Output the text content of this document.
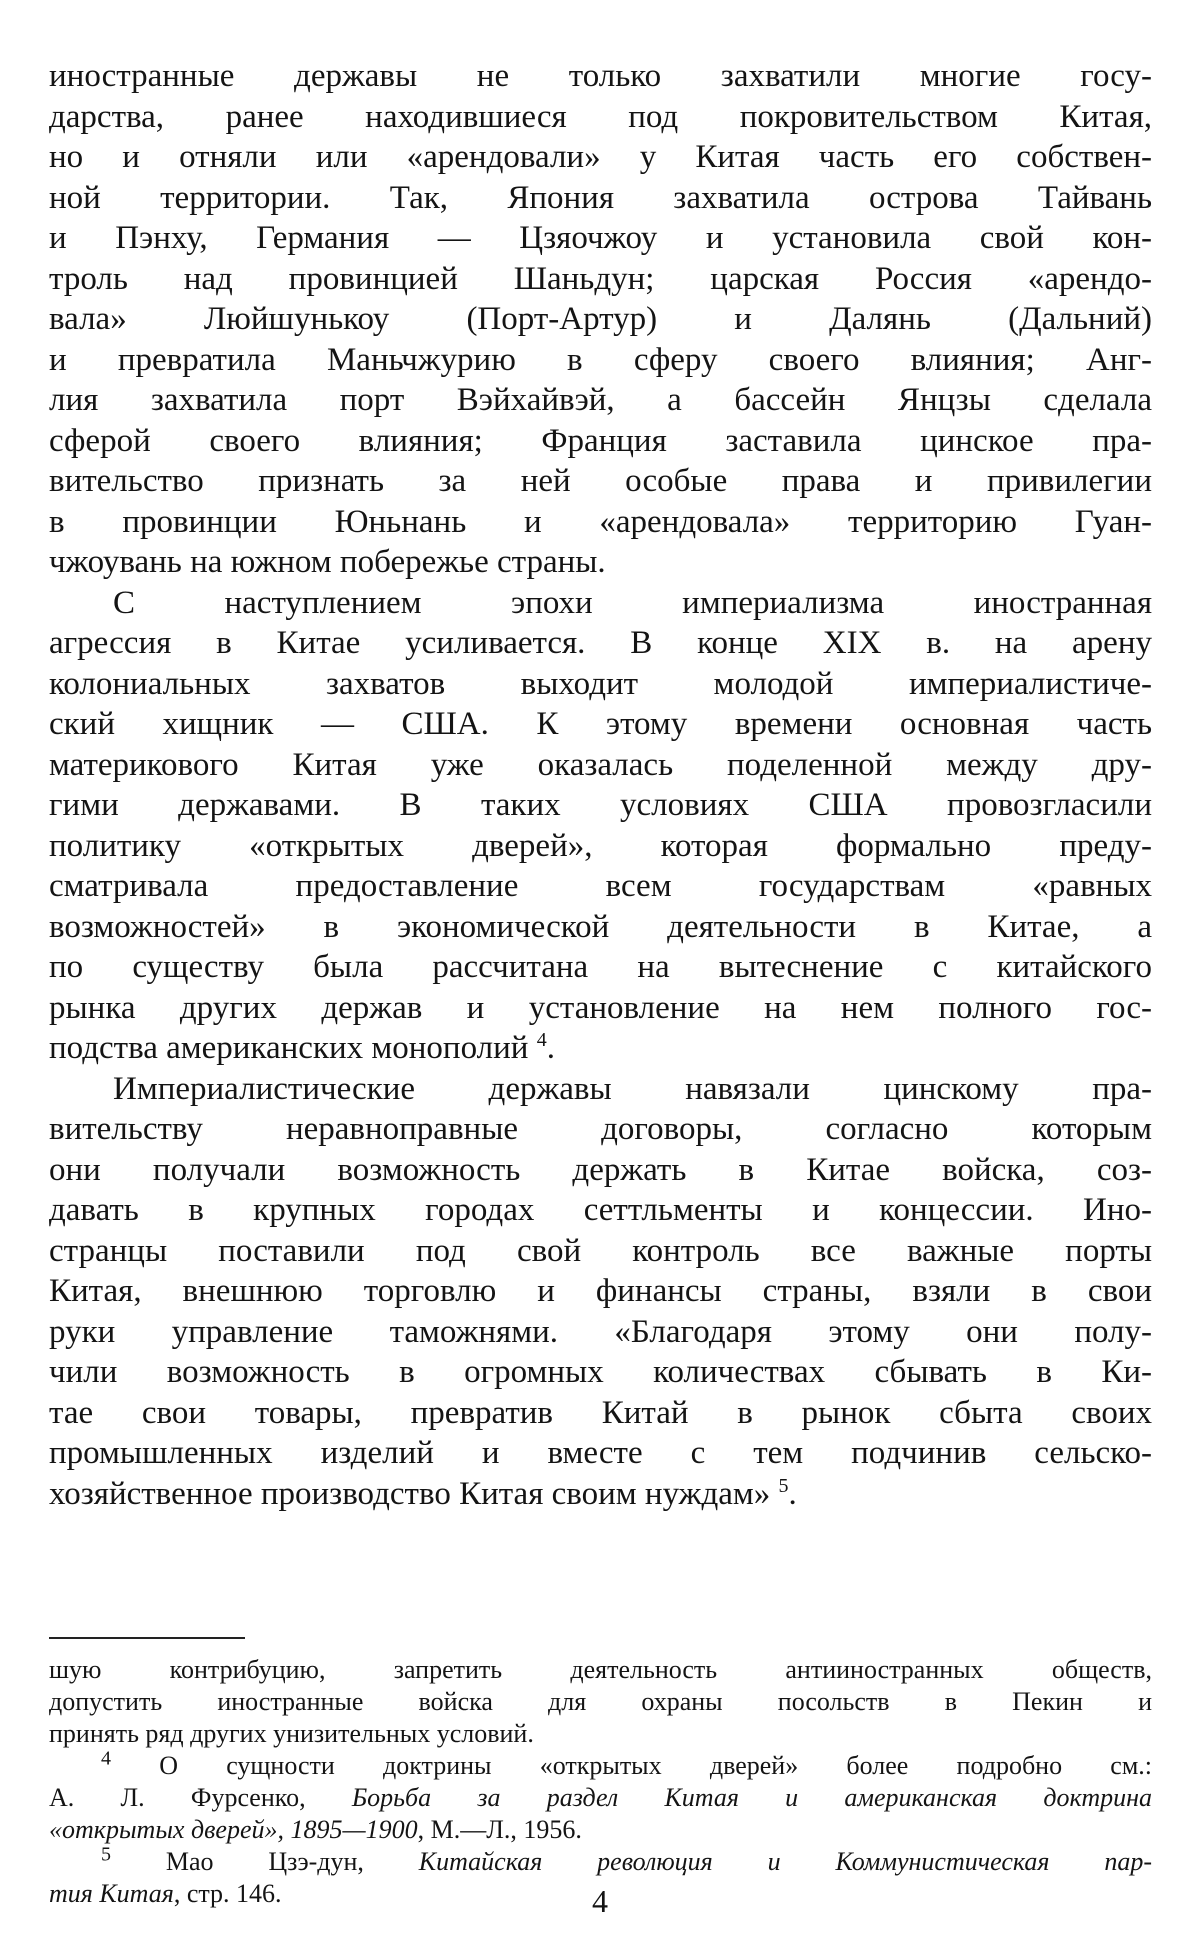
иностранные державы не только захватили многие госу-
дарства, ранее находившиеся под покровительством Китая,
но и отняли или «арендовали» у Китая часть его собствен-
ной территории. Так, Япония захватила острова Тайвань
и Пэнху, Германия — Цзяочжоу и установила свой кон-
троль над провинцией Шаньдун; царская Россия «арендо-
вала» Люйшунькоу (Порт-Артур) и Далянь (Дальний)
и превратила Маньчжурию в сферу своего влияния; Анг-
лия захватила порт Вэйхайвэй, а бассейн Янцзы сделала
сферой своего влияния; Франция заставила цинское пра-
вительство признать за ней особые права и привилегии
в провинции Юньнань и «арендовала» территорию Гуан-
чжоувань на южном побережье страны.
С наступлением эпохи империализма иностранная
агрессия в Китае усиливается. В конце XIX в. на арену
колониальных захватов выходит молодой империалистиче-
ский хищник — США. К этому времени основная часть
материкового Китая уже оказалась поделенной между дру-
гими державами. В таких условиях США провозгласили
политику «открытых дверей», которая формально преду-
сматривала предоставление всем государствам «равных
возможностей» в экономической деятельности в Китае, а
по существу была рассчитана на вытеснение с китайского
рынка других держав и установление на нем полного гос-
подства американских монополий $^4$.
Империалистические державы навязали цинскому пра-
вительству неравноправные договоры, согласно которым
они получали возможность держать в Китае войска, соз-
давать в крупных городах сеттльменты и концессии. Ино-
странцы поставили под свой контроль все важные порты
Китая, внешнюю торговлю и финансы страны, взяли в свои
руки управление таможнями. «Благодаря этому они полу-
чили возможность в огромных количествах сбывать в Ки-
тае свои товары, превратив Китай в рынок сбыта своих
промышленных изделий и вместе с тем подчинив сельско-
хозяйственное производство Китая своим нуждам» $^5$.
шую контрибуцию, запретить деятельность антииностранных обществ,
допустить иностранные войска для охраны посольств в Пекин и
принять ряд других унизительных условий.
$^4$ О сущности доктрины «открытых дверей» более подробно см.:
А. Л. Фурсенко, Борьба за раздел Китая и американская доктрина
«открытых дверей», 1895—1900, М.—Л., 1956.
$^5$ Мао Цзэ-дун, Китайская революция и Коммунистическая пар-
тия Китая, стр. 146.	4
